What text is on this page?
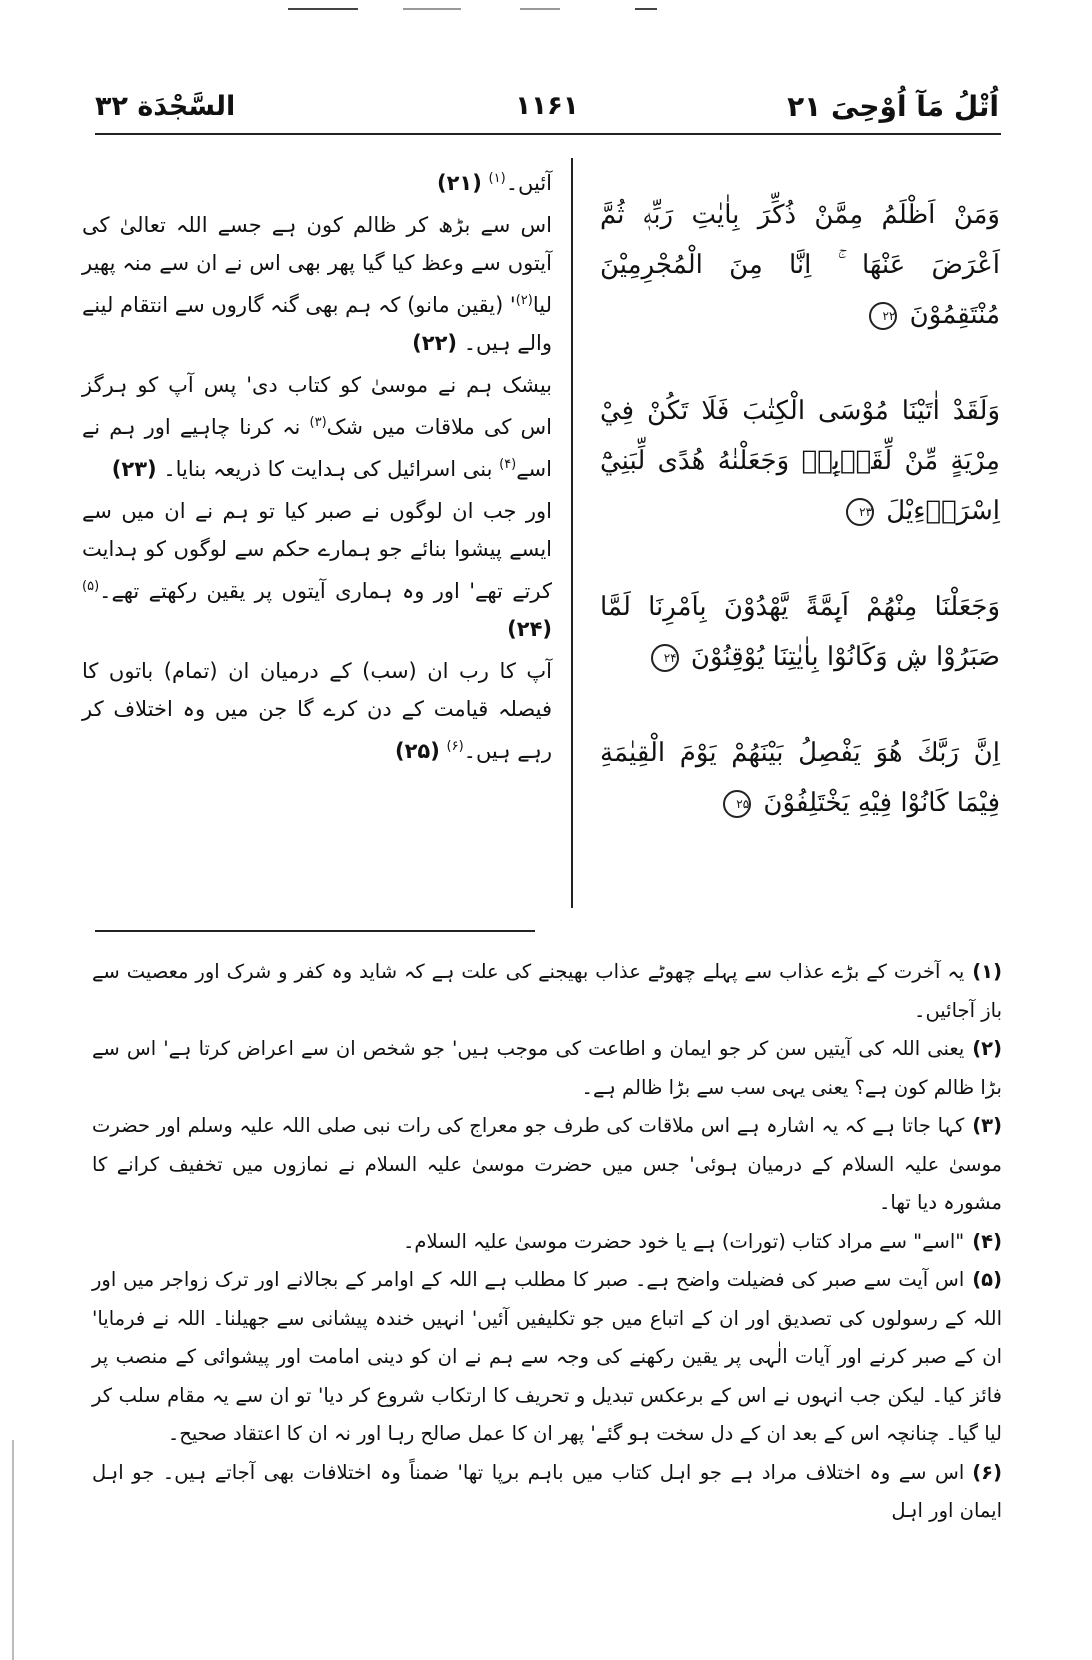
اُتْلُ مَآ اُوْحِیَ ۲۱
۱۱۶۱
السَّجْدَة ۳۲
وَمَنْ اَظْلَمُ مِمَّنْ ذُكِّرَ بِاٰيٰتِ رَبِّهٖ ثُمَّ اَعْرَضَ عَنْهَا ۚ اِنَّا مِنَ الْمُجْرِمِيْنَ مُنْتَقِمُوْنَ ۲۲
وَلَقَدْ اٰتَيْنَا مُوْسَى الْكِتٰبَ فَلَا تَكُنْ فِيْ مِرْيَةٍ مِّنْ لِّقَاۗىِٕهٖ وَجَعَلْنٰهُ هُدًى لِّبَنِيْٓ اِسْرَاۗءِيْلَ ۲۳
وَجَعَلْنَا مِنْهُمْ اَىِٕمَّةً يَّهْدُوْنَ بِاَمْرِنَا لَمَّا صَبَرُوْا ڜ وَكَانُوْا بِاٰيٰتِنَا يُوْقِنُوْنَ ۲۴
اِنَّ رَبَّكَ هُوَ يَفْصِلُ بَيْنَهُمْ يَوْمَ الْقِيٰمَةِ فِيْمَا كَانُوْا فِيْهِ يَخْتَلِفُوْنَ ۲۵
آئیں۔$^{(۱)}$ (۲۱)
اس سے بڑھ کر ظالم کون ہے جسے اللہ تعالیٰ کی آیتوں سے وعظ کیا گیا پھر بھی اس نے ان سے منہ پھیر لیا$^{(۲)}$' (یقین مانو) کہ ہم بھی گنہ گاروں سے انتقام لینے والے ہیں۔ (۲۲)
بیشک ہم نے موسیٰ کو کتاب دی' پس آپ کو ہرگز اس کی ملاقات میں شک$^{(۳)}$ نہ کرنا چاہیے اور ہم نے اسے$^{(۴)}$ بنی اسرائیل کی ہدایت کا ذریعہ بنایا۔ (۲۳)
اور جب ان لوگوں نے صبر کیا تو ہم نے ان میں سے ایسے پیشوا بنائے جو ہمارے حکم سے لوگوں کو ہدایت کرتے تھے' اور وہ ہماری آیتوں پر یقین رکھتے تھے۔$^{(۵)}$ (۲۴)
آپ کا رب ان (سب) کے درمیان ان (تمام) باتوں کا فیصلہ قیامت کے دن کرے گا جن میں وہ اختلاف کر رہے ہیں۔$^{(۶)}$ (۲۵)
(۱)یہ آخرت کے بڑے عذاب سے پہلے چھوٹے عذاب بھیجنے کی علت ہے کہ شاید وہ کفر و شرک اور معصیت سے باز آجائیں۔
(۲)یعنی اللہ کی آیتیں سن کر جو ایمان و اطاعت کی موجب ہیں' جو شخص ان سے اعراض کرتا ہے' اس سے بڑا ظالم کون ہے؟ یعنی یہی سب سے بڑا ظالم ہے۔
(۳)کہا جاتا ہے کہ یہ اشارہ ہے اس ملاقات کی طرف جو معراج کی رات نبی صلی اللہ علیہ وسلم اور حضرت موسیٰ علیہ السلام کے درمیان ہوئی' جس میں حضرت موسیٰ علیہ السلام نے نمازوں میں تخفیف کرانے کا مشورہ دیا تھا۔
(۴)"اسے" سے مراد کتاب (تورات) ہے یا خود حضرت موسیٰ علیہ السلام۔
(۵)اس آیت سے صبر کی فضیلت واضح ہے۔ صبر کا مطلب ہے اللہ کے اوامر کے بجالانے اور ترک زواجر میں اور اللہ کے رسولوں کی تصدیق اور ان کے اتباع میں جو تکلیفیں آئیں' انہیں خندہ پیشانی سے جھیلنا۔ اللہ نے فرمایا' ان کے صبر کرنے اور آیات الٰہی پر یقین رکھنے کی وجہ سے ہم نے ان کو دینی امامت اور پیشوائی کے منصب پر فائز کیا۔ لیکن جب انہوں نے اس کے برعکس تبدیل و تحریف کا ارتکاب شروع کر دیا' تو ان سے یہ مقام سلب کر لیا گیا۔ چنانچہ اس کے بعد ان کے دل سخت ہو گئے' پھر ان کا عمل صالح رہا اور نہ ان کا اعتقاد صحیح۔
(۶)اس سے وہ اختلاف مراد ہے جو اہل کتاب میں باہم برپا تھا' ضمناً وہ اختلافات بھی آجاتے ہیں۔ جو اہل ایمان اور اہل
